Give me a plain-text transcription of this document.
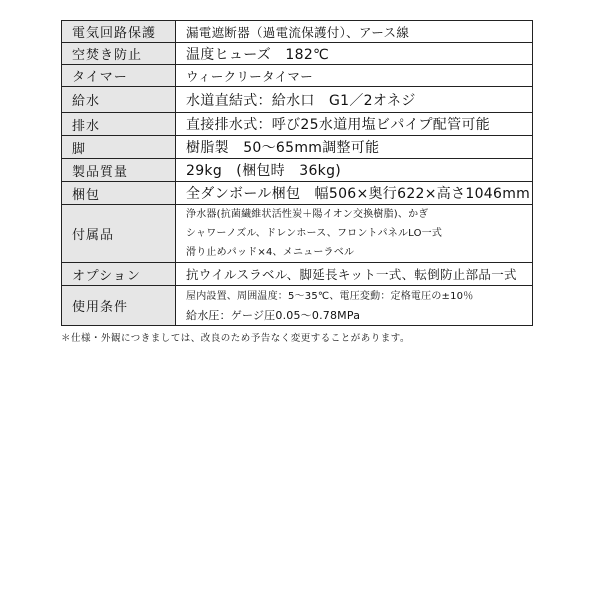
電気回路保護	漏電遮断器（過電流保護付）、アース線
空焚き防止	温度ヒューズ　182℃
タイマー	ウィークリータイマー
給水	水道直結式：給水口　G1／2オネジ
排水	直接排水式：呼び25水道用塩ビパイプ配管可能
脚	樹脂製　50～65mm調整可能
製品質量	29kg　(梱包時　36kg)
梱包	全ダンボール梱包　幅506×奥行622×高さ1046mm
付属品	浄水器(抗菌繊維状活性炭＋陽イオン交換樹脂)、かぎ
シャワーノズル、ドレンホース、フロントパネルLO一式
滑り止めパッド×4、メニューラベル

オプション	抗ウイルスラベル、脚延長キット一式、転倒防止部品一式
使用条件	屋内設置、周囲温度：5～35℃、電圧変動：定格電圧の±10％
給水圧：ゲージ圧0.05～0.78MPa
＊仕様・外観につきましては、改良のため予告なく変更することがあります。
